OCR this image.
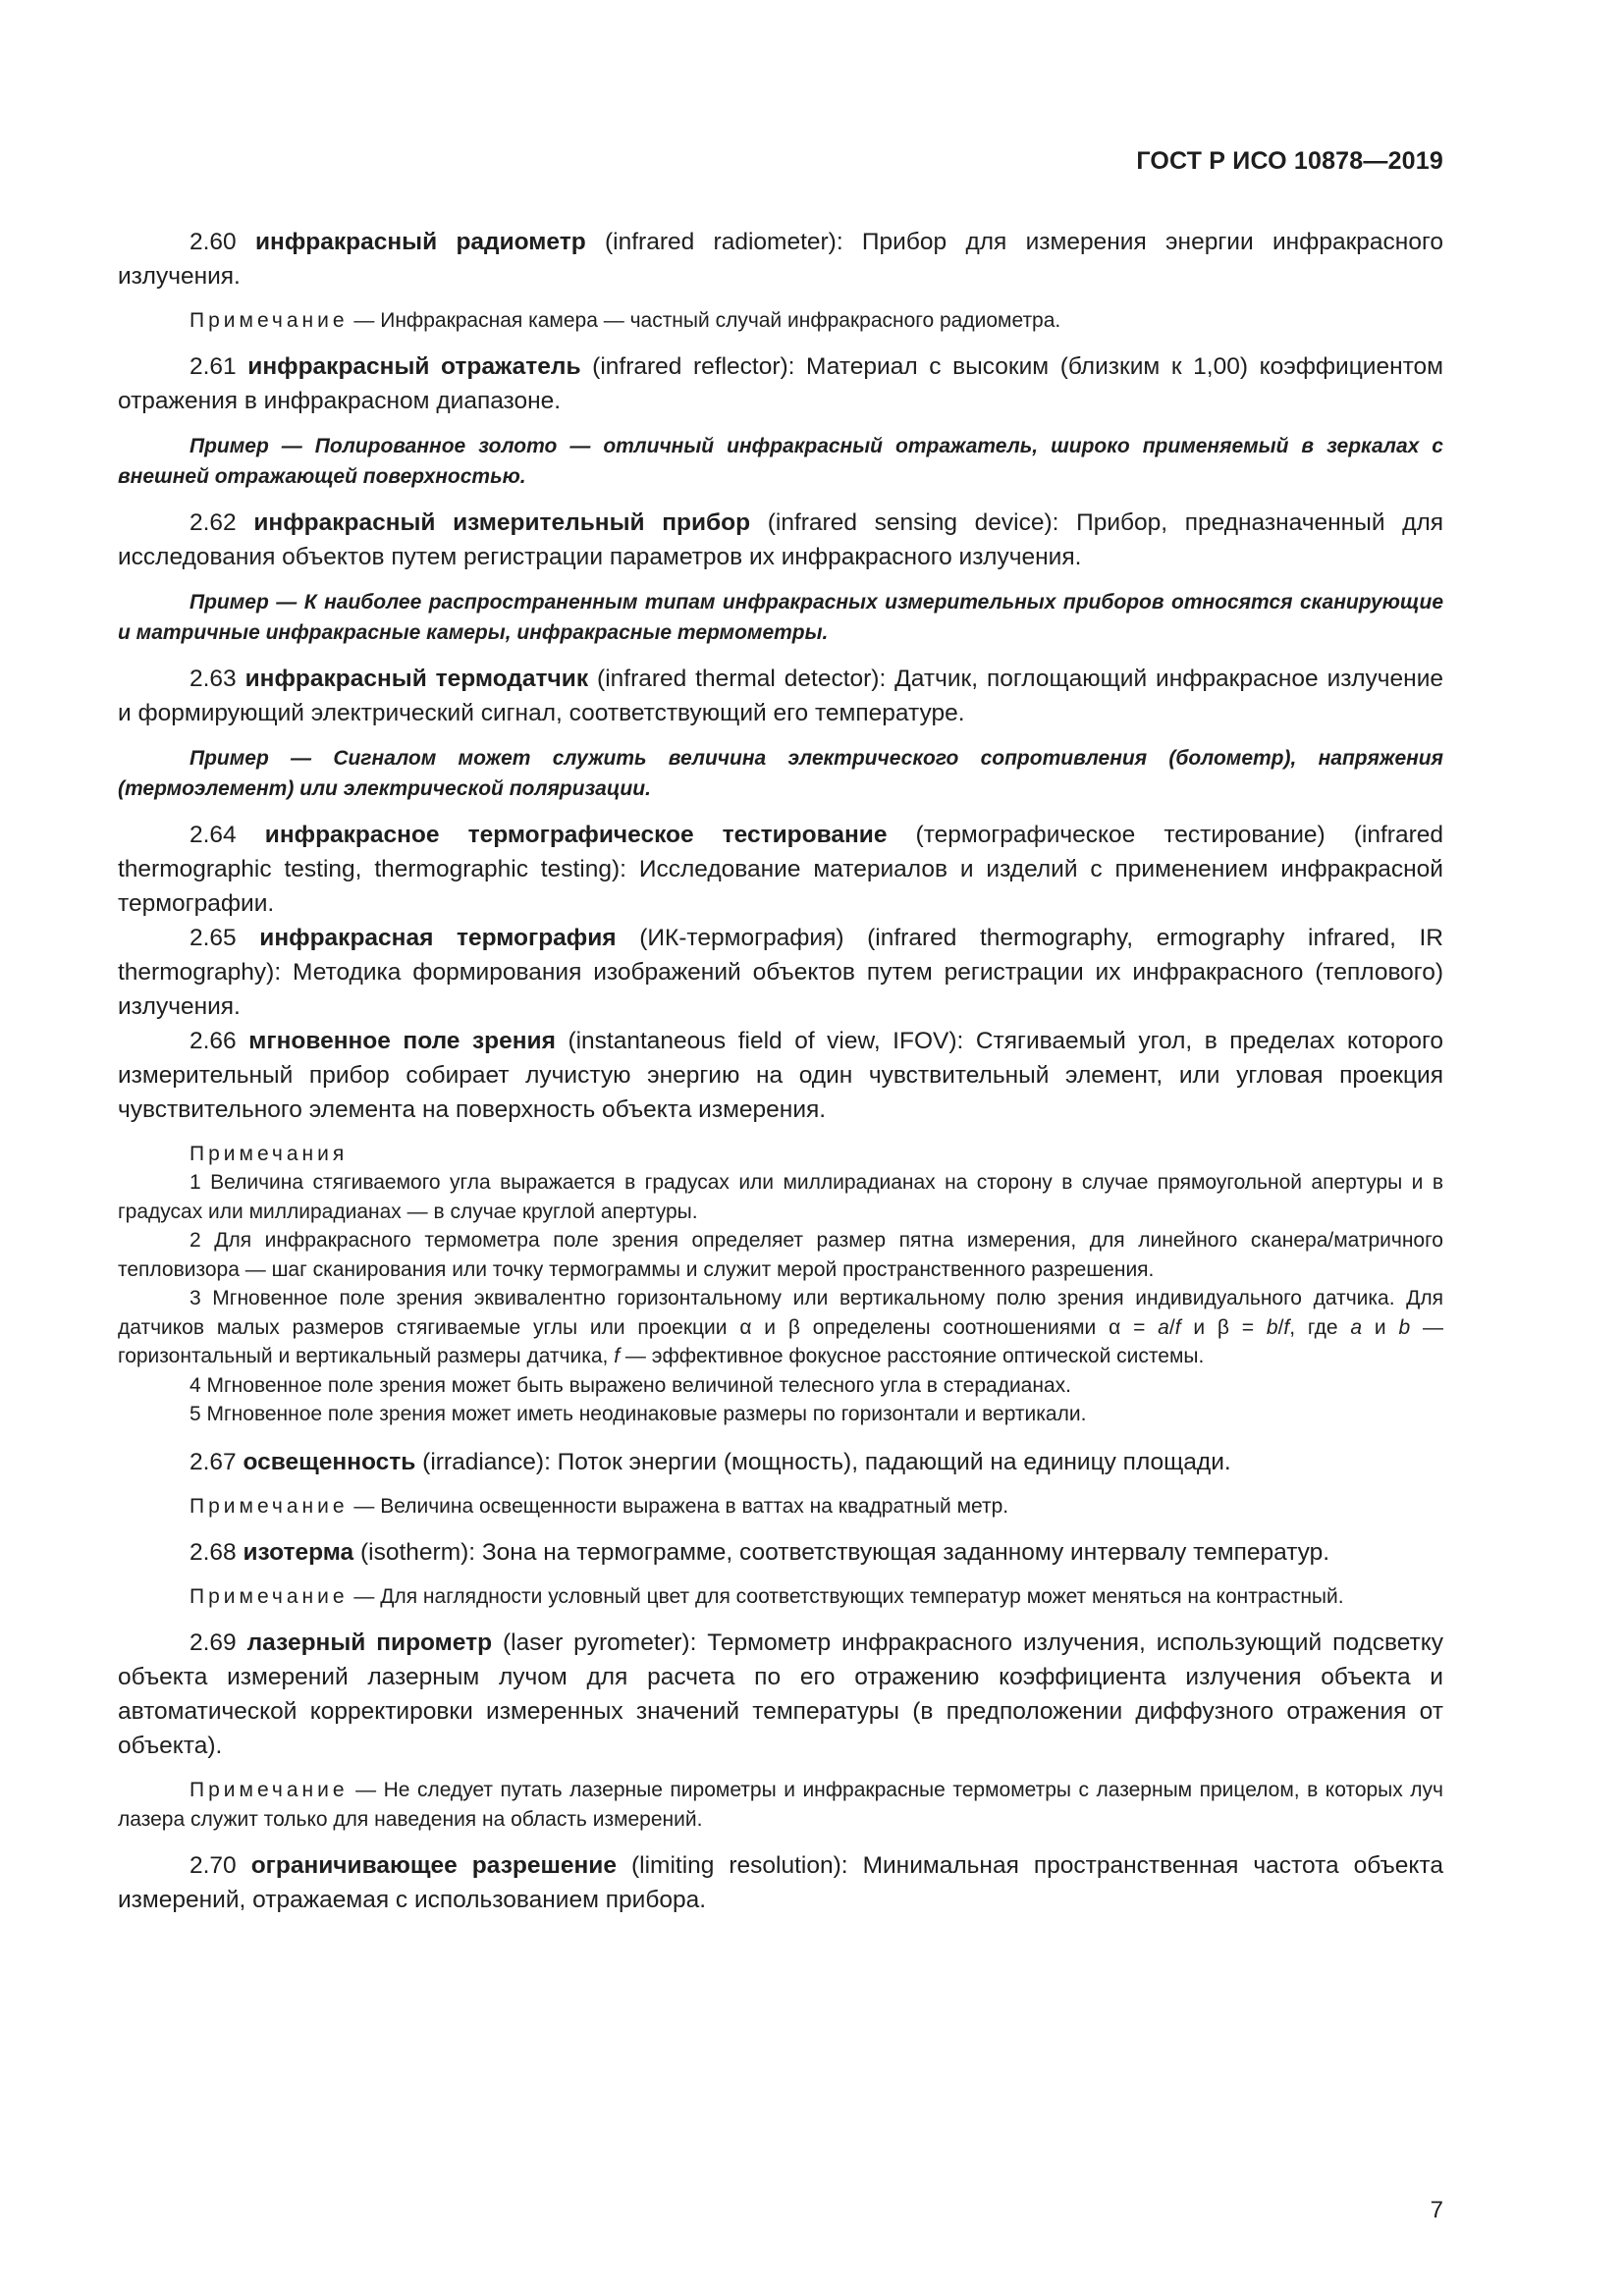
ГОСТ Р ИСО 10878—2019

2.60 инфракрасный радиометр (infrared radiometer): Прибор для измерения энергии инфракрасного излучения.

Примечание — Инфракрасная камера — частный случай инфракрасного радиометра.

2.61 инфракрасный отражатель (infrared reflector): Материал с высоким (близким к 1,00) коэффициентом отражения в инфракрасном диапазоне.

Пример — Полированное золото — отличный инфракрасный отражатель, широко применяемый в зеркалах с внешней отражающей поверхностью.

2.62 инфракрасный измерительный прибор (infrared sensing device): Прибор, предназначенный для исследования объектов путем регистрации параметров их инфракрасного излучения.

Пример — К наиболее распространенным типам инфракрасных измерительных приборов относятся сканирующие и матричные инфракрасные камеры, инфракрасные термометры.

2.63 инфракрасный термодатчик (infrared thermal detector): Датчик, поглощающий инфракрасное излучение и формирующий электрический сигнал, соответствующий его температуре.

Пример — Сигналом может служить величина электрического сопротивления (болометр), напряжения (термоэлемент) или электрической поляризации.

2.64 инфракрасное термографическое тестирование (термографическое тестирование) (infrared thermographic testing, thermographic testing): Исследование материалов и изделий с применением инфракрасной термографии.

2.65 инфракрасная термография (ИК-термография) (infrared thermography, ermography infrared, IR thermography): Методика формирования изображений объектов путем регистрации их инфракрасного (теплового) излучения.

2.66 мгновенное поле зрения (instantaneous field of view, IFOV): Стягиваемый угол, в пределах которого измерительный прибор собирает лучистую энергию на один чувствительный элемент, или угловая проекция чувствительного элемента на поверхность объекта измерения.

Примечания
1 Величина стягиваемого угла выражается в градусах или миллирадианах на сторону в случае прямоугольной апертуры и в градусах или миллирадианах — в случае круглой апертуры.
2 Для инфракрасного термометра поле зрения определяет размер пятна измерения, для линейного сканера/матричного тепловизора — шаг сканирования или точку термограммы и служит мерой пространственного разрешения.
3 Мгновенное поле зрения эквивалентно горизонтальному или вертикальному полю зрения индивидуального датчика. Для датчиков малых размеров стягиваемые углы или проекции α и β определены соотношениями α = a/f и β = b/f, где a и b — горизонтальный и вертикальный размеры датчика, f — эффективное фокусное расстояние оптической системы.
4 Мгновенное поле зрения может быть выражено величиной телесного угла в стерадианах.
5 Мгновенное поле зрения может иметь неодинаковые размеры по горизонтали и вертикали.

2.67 освещенность (irradiance): Поток энергии (мощность), падающий на единицу площади.

Примечание — Величина освещенности выражена в ваттах на квадратный метр.

2.68 изотерма (isotherm): Зона на термограмме, соответствующая заданному интервалу температур.

Примечание — Для наглядности условный цвет для соответствующих температур может меняться на контрастный.

2.69 лазерный пирометр (laser pyrometer): Термометр инфракрасного излучения, использующий подсветку объекта измерений лазерным лучом для расчета по его отражению коэффициента излучения объекта и автоматической корректировки измеренных значений температуры (в предположении диффузного отражения от объекта).

Примечание — Не следует путать лазерные пирометры и инфракрасные термометры с лазерным прицелом, в которых луч лазера служит только для наведения на область измерений.

2.70 ограничивающее разрешение (limiting resolution): Минимальная пространственная частота объекта измерений, отражаемая с использованием прибора.

7
